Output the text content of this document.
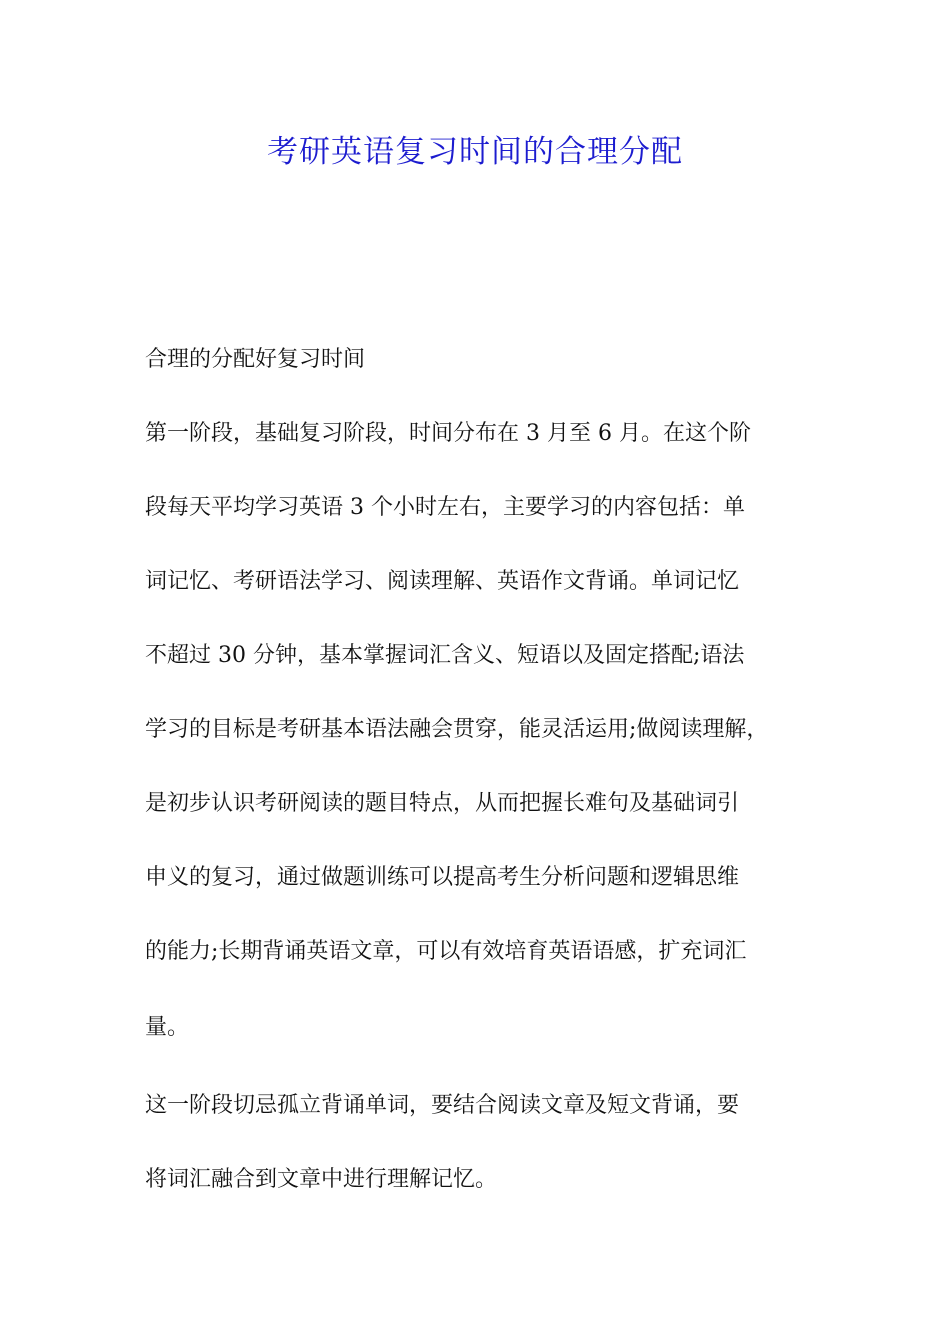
考研英语复习时间的合理分配

合理的分配好复习时间

第一阶段，基础复习阶段，时间分布在 3 月至 6 月。在这个阶

段每天平均学习英语 3 个小时左右，主要学习的内容包括：单

词记忆、考研语法学习、阅读理解、英语作文背诵。单词记忆

不超过 30 分钟，基本掌握词汇含义、短语以及固定搭配;语法

学习的目标是考研基本语法融会贯穿，能灵活运用;做阅读理解，

是初步认识考研阅读的题目特点，从而把握长难句及基础词引

申义的复习，通过做题训练可以提高考生分析问题和逻辑思维

的能力;长期背诵英语文章，可以有效培育英语语感，扩充词汇

量。

这一阶段切忌孤立背诵单词，要结合阅读文章及短文背诵，要

将词汇融合到文章中进行理解记忆。
